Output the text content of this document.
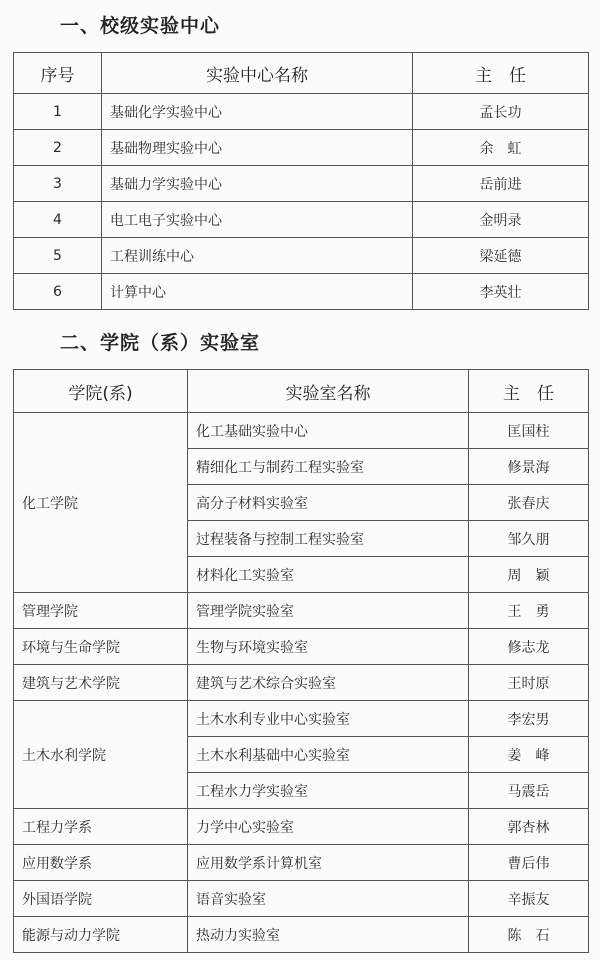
一、校级实验中心
序号	实验中心名称	主　任
1	基础化学实验中心	孟长功
2	基础物理实验中心	余　虹
3	基础力学实验中心	岳前进
4	电工电子实验中心	金明录
5	工程训练中心	梁延德
6	计算中心	李英壮
二、学院（系）实验室
学院(系)	实验室名称	主　任
化工学院	化工基础实验中心	匡国柱
	精细化工与制药工程实验室	修景海
	高分子材料实验室	张春庆
	过程装备与控制工程实验室	邹久朋
	材料化工实验室	周　颖
管理学院	管理学院实验室	王　勇
环境与生命学院	生物与环境实验室	修志龙
建筑与艺术学院	建筑与艺术综合实验室	王时原
土木水利学院	土木水利专业中心实验室	李宏男
	土木水利基础中心实验室	姜　峰
	工程水力学实验室	马震岳
工程力学系	力学中心实验室	郭杏林
应用数学系	应用数学系计算机室	曹后伟
外国语学院	语音实验室	辛振友
能源与动力学院	热动力实验室	陈　石
